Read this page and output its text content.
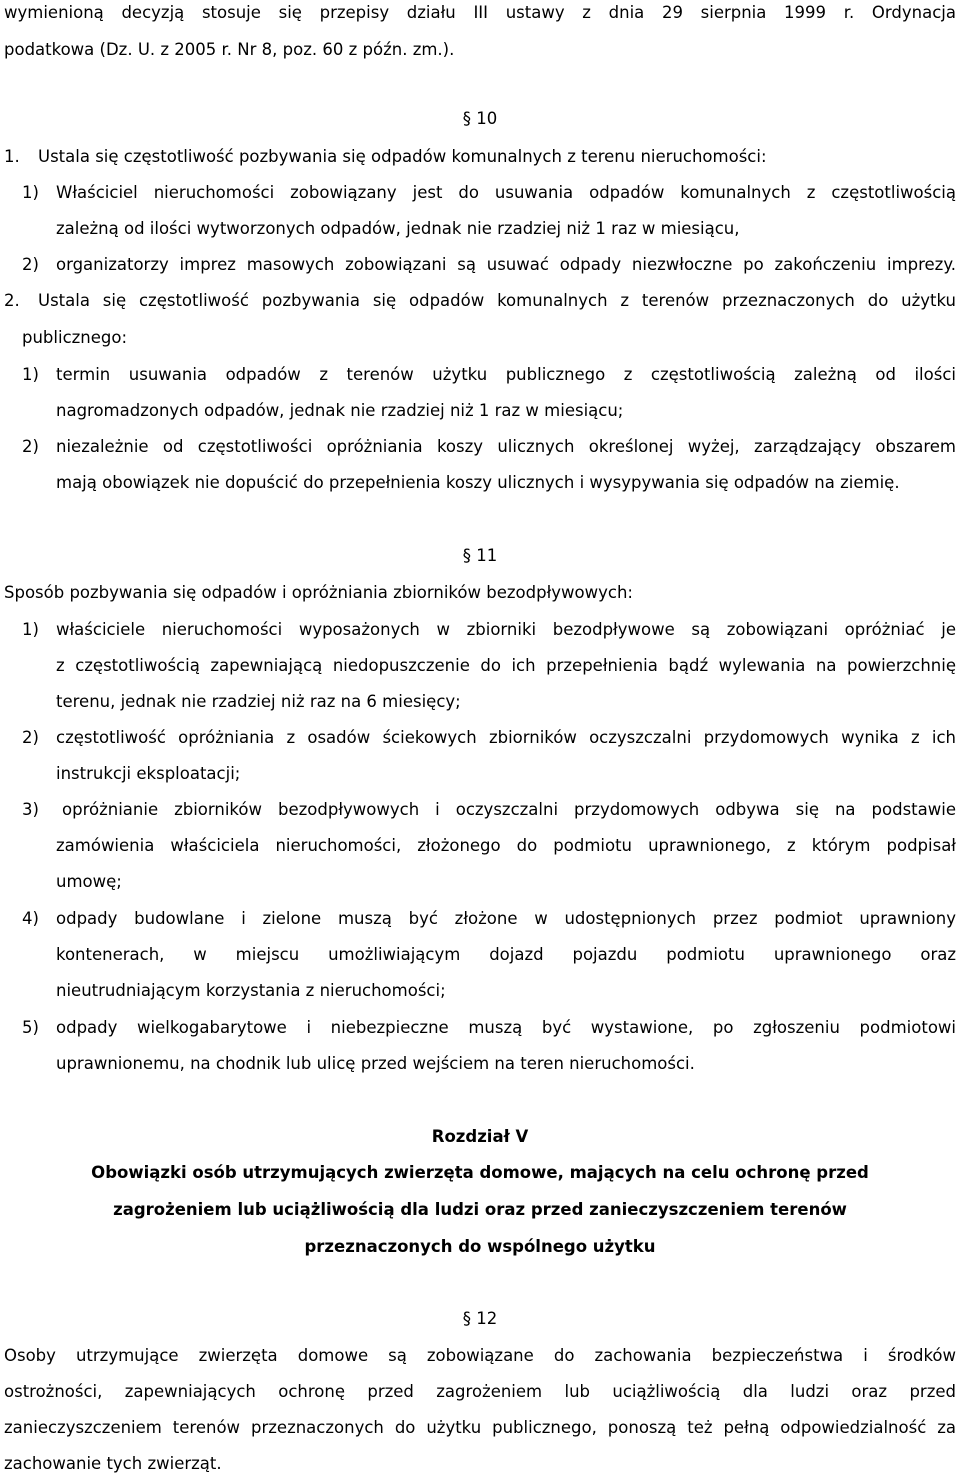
wymienioną decyzją stosuje się przepisy działu III ustawy z dnia 29 sierpnia 1999 r. Ordynacja
podatkowa (Dz. U. z 2005 r. Nr 8, poz. 60 z późn. zm.).
§ 10
1. Ustala się częstotliwość pozbywania się odpadów komunalnych z terenu nieruchomości:
1) Właściciel nieruchomości zobowiązany jest do usuwania odpadów komunalnych z częstotliwością
zależną od ilości wytworzonych odpadów, jednak nie rzadziej niż 1 raz w miesiącu,
2) organizatorzy imprez masowych zobowiązani są usuwać odpady niezwłoczne po zakończeniu imprezy.
2. Ustala się częstotliwość pozbywania się odpadów komunalnych z terenów przeznaczonych do użytku
publicznego:
1) termin usuwania odpadów z terenów użytku publicznego z częstotliwością zależną od ilości
nagromadzonych odpadów, jednak nie rzadziej niż 1 raz w miesiącu;
2) niezależnie od częstotliwości opróżniania koszy ulicznych określonej wyżej, zarządzający obszarem
mają obowiązek nie dopuścić do przepełnienia koszy ulicznych i wysypywania się odpadów na ziemię.
§ 11
Sposób pozbywania się odpadów i opróżniania zbiorników bezodpływowych:
1) właściciele nieruchomości wyposażonych w zbiorniki bezodpływowe są zobowiązani opróżniać je
z częstotliwością zapewniającą niedopuszczenie do ich przepełnienia bądź wylewania na powierzchnię
terenu, jednak nie rzadziej niż raz na 6 miesięcy;
2) częstotliwość opróżniania z osadów ściekowych zbiorników oczyszczalni przydomowych wynika z ich
instrukcji eksploatacji;
3) opróżnianie zbiorników bezodpływowych i oczyszczalni przydomowych odbywa się na podstawie
zamówienia właściciela nieruchomości, złożonego do podmiotu uprawnionego, z którym podpisał
umowę;
4) odpady budowlane i zielone muszą być złożone w udostępnionych przez podmiot uprawniony
kontenerach, w miejscu umożliwiającym dojazd pojazdu podmiotu uprawnionego oraz
nieutrudniającym korzystania z nieruchomości;
5) odpady wielkogabarytowe i niebezpieczne muszą być wystawione, po zgłoszeniu podmiotowi
uprawnionemu, na chodnik lub ulicę przed wejściem na teren nieruchomości.
Rozdział V
Obowiązki osób utrzymujących zwierzęta domowe, mających na celu ochronę przed
zagrożeniem lub uciążliwością dla ludzi oraz przed zanieczyszczeniem terenów
przeznaczonych do wspólnego użytku
§ 12
Osoby utrzymujące zwierzęta domowe są zobowiązane do zachowania bezpieczeństwa i środków
ostrożności, zapewniających ochronę przed zagrożeniem lub uciążliwością dla ludzi oraz przed
zanieczyszczeniem terenów przeznaczonych do użytku publicznego, ponoszą też pełną odpowiedzialność za
zachowanie tych zwierząt.
